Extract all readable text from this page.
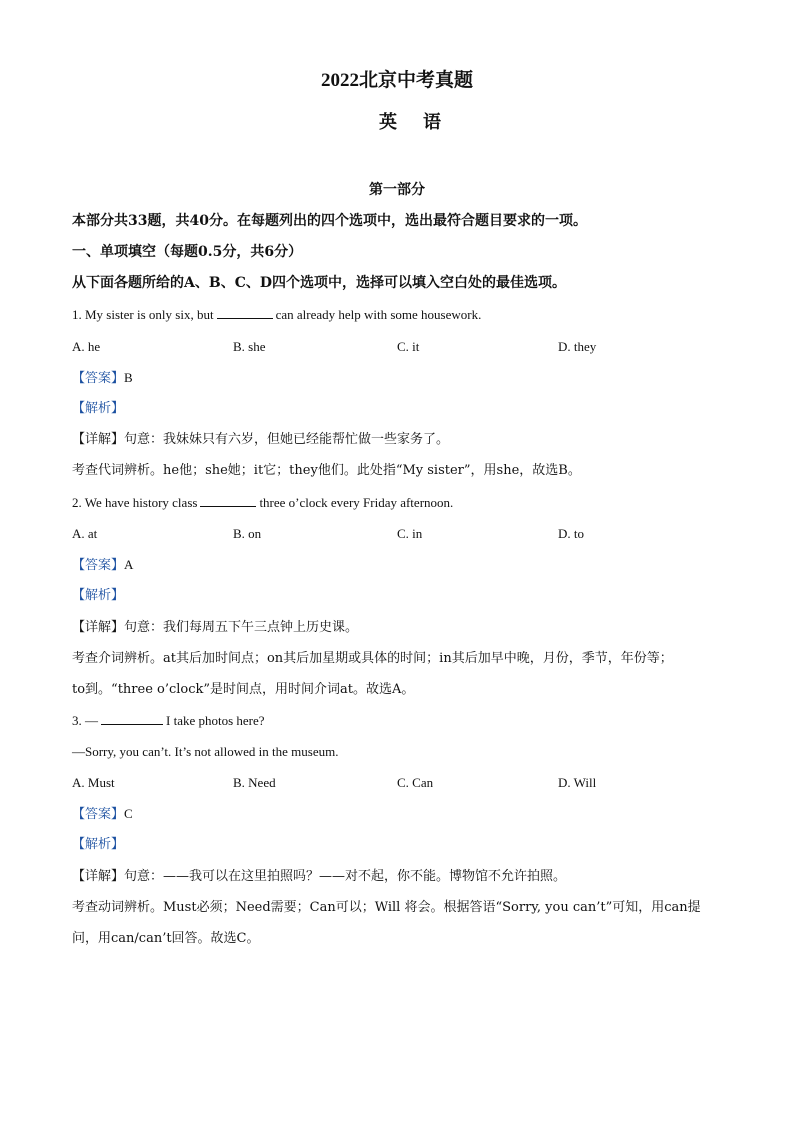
2022北京中考真题
英语
第一部分
本部分共33题，共40分。在每题列出的四个选项中，选出最符合题目要求的一项。
一、单项填空（每题0.5分，共6分）
从下面各题所给的A、B、C、D四个选项中，选择可以填入空白处的最佳选项。
1. My sister is only six, but	can already help with some housework.
A. he	B. she	C. it	D. they
【答案】B
【解析】
【详解】句意：我妹妹只有六岁，但她已经能帮忙做一些家务了。
考查代词辨析。he他；she她；it它；they他们。此处指“My sister”，用she，故选B。
2. We have history class	three o’clock every Friday afternoon.
A. at	B. on	C. in	D. to
【答案】A
【解析】
【详解】句意：我们每周五下午三点钟上历史课。
考查介词辨析。at其后加时间点；on其后加星期或具体的时间；in其后加早中晚，月份，季节，年份等；
to到。“three o’clock”是时间点，用时间介词at。故选A。
3. —	I take photos here?
—Sorry, you can’t. It’s not allowed in the museum.
A. Must	B. Need	C. Can	D. Will
【答案】C
【解析】
【详解】句意：——我可以在这里拍照吗？——对不起，你不能。博物馆不允许拍照。
考查动词辨析。Must必须；Need需要；Can可以；Will 将会。根据答语“Sorry, you can’t”可知，用can提
问，用can/can’t回答。故选C。
